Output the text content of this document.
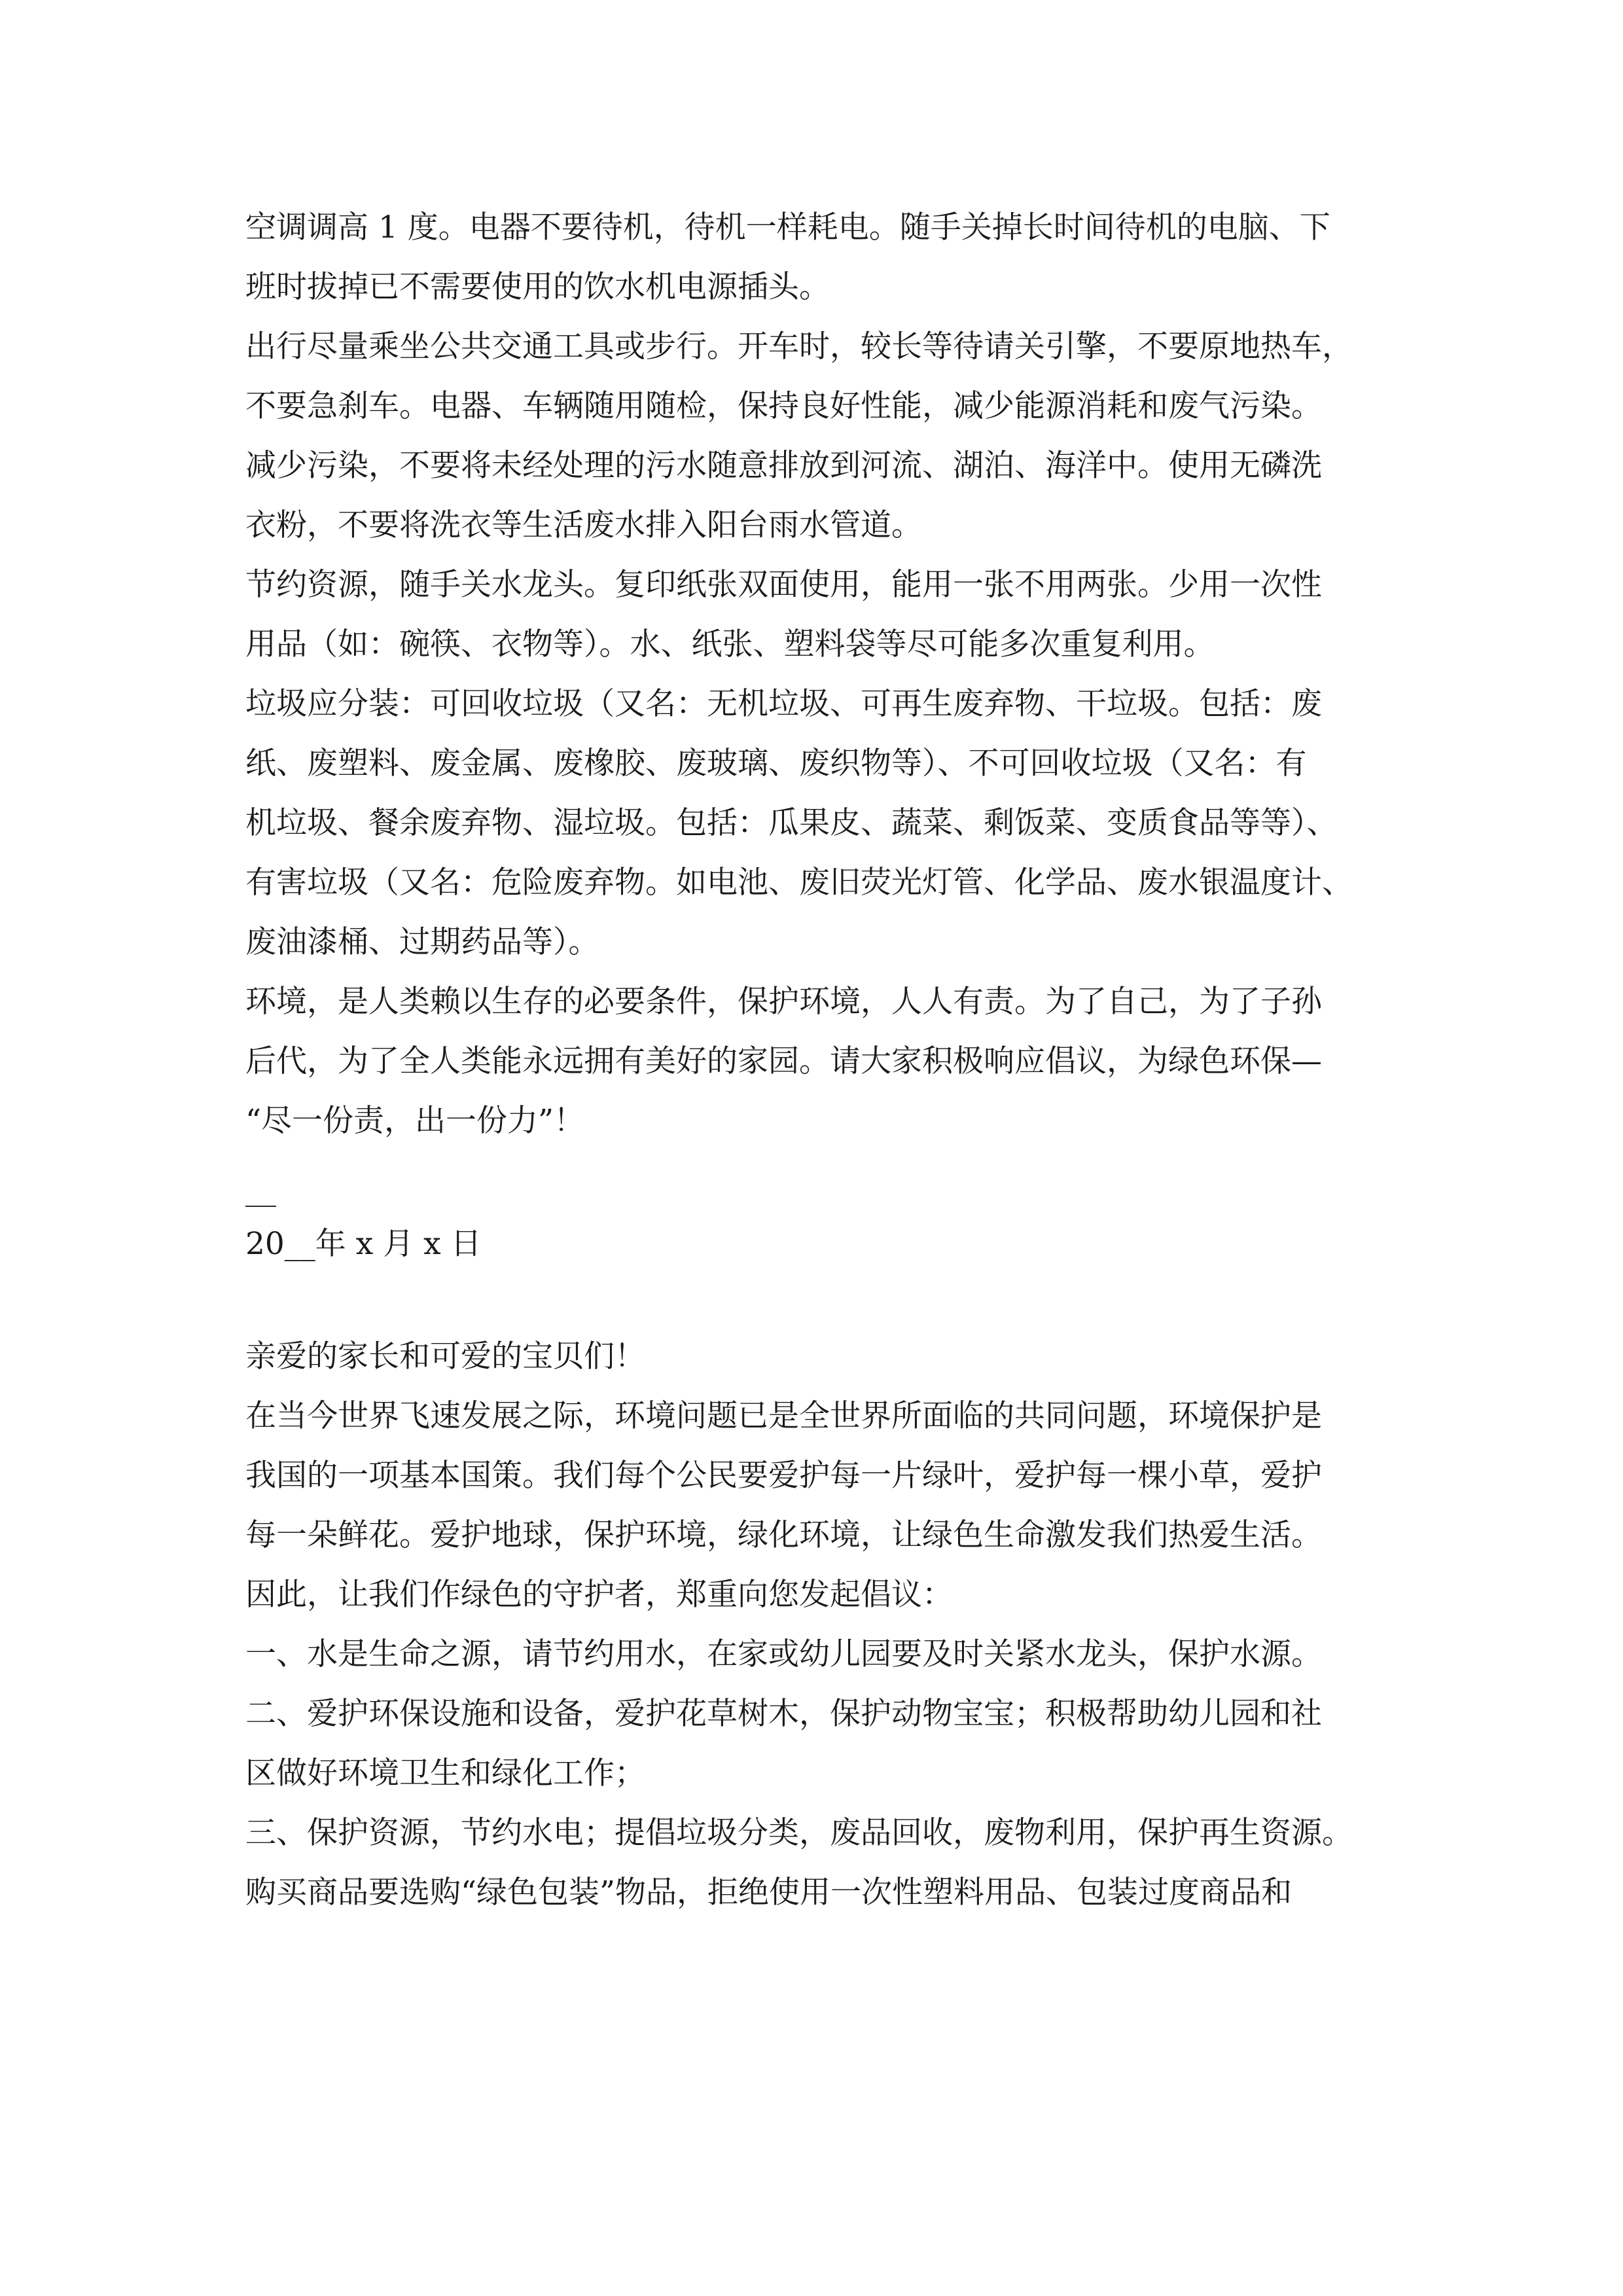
空调调高 1 度。电器不要待机，待机一样耗电。随手关掉长时间待机的电脑、下

班时拔掉已不需要使用的饮水机电源插头。

出行尽量乘坐公共交通工具或步行。开车时，较长等待请关引擎，不要原地热车，

不要急刹车。电器、车辆随用随检，保持良好性能，减少能源消耗和废气污染。

减少污染，不要将未经处理的污水随意排放到河流、湖泊、海洋中。使用无磷洗

衣粉，不要将洗衣等生活废水排入阳台雨水管道。

节约资源，随手关水龙头。复印纸张双面使用，能用一张不用两张。少用一次性

用品（如：碗筷、衣物等）。水、纸张、塑料袋等尽可能多次重复利用。

垃圾应分装：可回收垃圾（又名：无机垃圾、可再生废弃物、干垃圾。包括：废

纸、废塑料、废金属、废橡胶、废玻璃、废织物等）、不可回收垃圾（又名：有

机垃圾、餐余废弃物、湿垃圾。包括：瓜果皮、蔬菜、剩饭菜、变质食品等等）、

有害垃圾（又名：危险废弃物。如电池、废旧荧光灯管、化学品、废水银温度计、

废油漆桶、过期药品等）。

环境，是人类赖以生存的必要条件，保护环境，人人有责。为了自己，为了子孙

后代，为了全人类能永远拥有美好的家园。请大家积极响应倡议，为绿色环保—

“尽一份责，出一份力”！

__

20__年 x 月 x 日

亲爱的家长和可爱的宝贝们！

在当今世界飞速发展之际，环境问题已是全世界所面临的共同问题，环境保护是

我国的一项基本国策。我们每个公民要爱护每一片绿叶，爱护每一棵小草，爱护

每一朵鲜花。爱护地球，保护环境，绿化环境，让绿色生命激发我们热爱生活。

因此，让我们作绿色的守护者，郑重向您发起倡议：

一、水是生命之源，请节约用水，在家或幼儿园要及时关紧水龙头，保护水源。

二、爱护环保设施和设备，爱护花草树木，保护动物宝宝；积极帮助幼儿园和社

区做好环境卫生和绿化工作；

三、保护资源，节约水电；提倡垃圾分类，废品回收，废物利用，保护再生资源。

购买商品要选购“绿色包装”物品，拒绝使用一次性塑料用品、包装过度商品和
